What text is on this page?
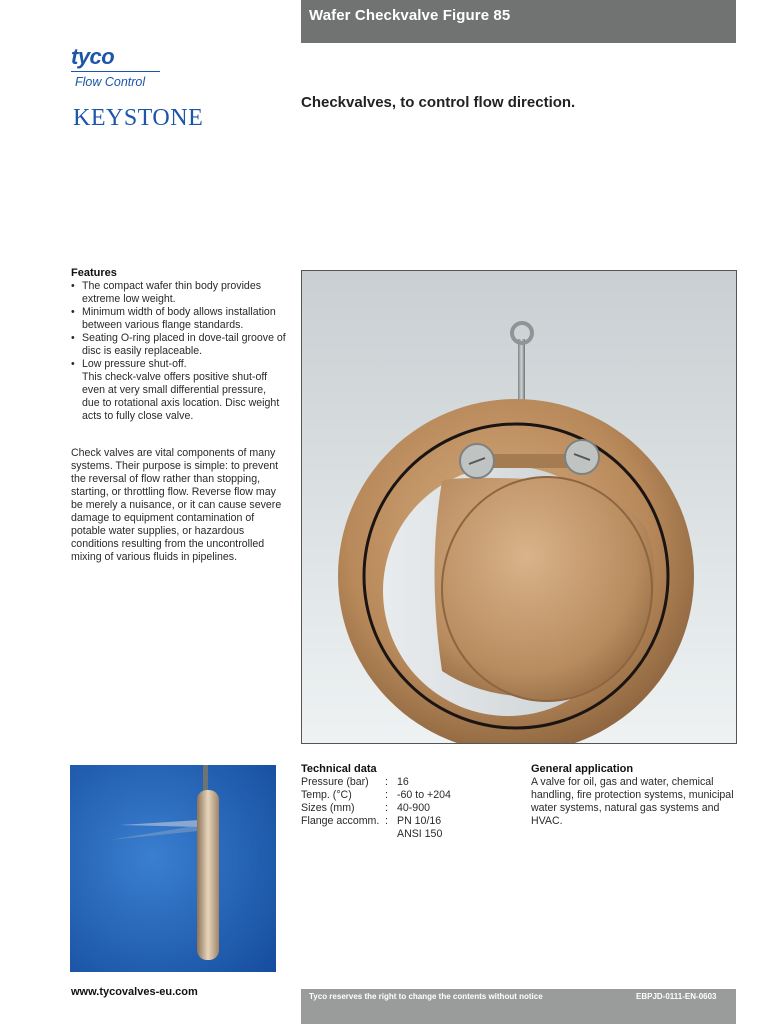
Wafer Checkvalve Figure 85
tyco
Flow Control
KEYSTONE
Checkvalves, to control flow direction.
Features
• The compact wafer thin body provides extreme low weight.
• Minimum width of body allows installation between various flange standards.
• Seating O-ring placed in dove-tail groove of disc is easily replaceable.
• Low pressure shut-off.
This check-valve offers positive shut-off even at very small differential pressure, due to rotational axis location. Disc weight acts to fully close valve.

Check valves are vital components of many systems. Their purpose is simple: to prevent the reversal of flow rather than stopping, starting, or throttling flow. Reverse flow may be merely a nuisance, or it can cause severe damage to equipment contamination of potable water supplies, or hazardous conditions resulting from the uncontrolled mixing of various fluids in pipelines.

Technical data
Pressure (bar)	:	16
Temp. (°C)	:	-60 to +204
Sizes (mm)	:	40-900
Flange accomm.	:	PN 10/16
		ANSI 150
General application

A valve for oil, gas and water, chemical handling, fire protection systems, municipal water systems, natural gas systems and HVAC.

www.tycovalves-eu.com	Tyco reserves the right to change the contents without notice	EBPJD-0111-EN-0603
